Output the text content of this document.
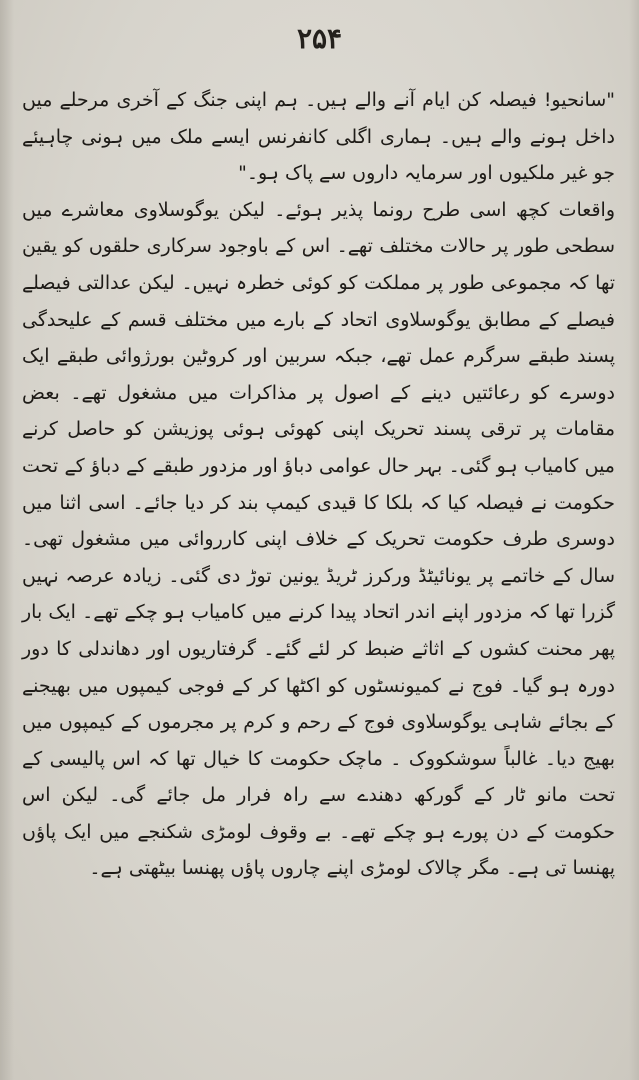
۲۵۴

"سانحیو! فیصلہ کن ایام آنے والے ہیں۔ ہم اپنی جنگ کے آخری مرحلے میں داخل ہونے والے ہیں۔ ہماری اگلی کانفرنس ایسے ملک میں ہونی چاہیئے جو غیر ملکیوں اور سرمایہ داروں سے پاک ہو۔"

واقعات کچھ اسی طرح رونما پذیر ہوئے۔ لیکن یوگوسلاوی معاشرے میں سطحی طور پر حالات مختلف تھے۔ اس کے باوجود سرکاری حلقوں کو یقین تھا کہ مجموعی طور پر مملکت کو کوئی خطرہ نہیں۔ لیکن عدالتی فیصلے فیصلے کے مطابق یوگوسلاوی اتحاد کے بارے میں مختلف قسم کے علیحدگی پسند طبقے سرگرم عمل تھے، جبکہ سربین اور کروٹین بورژوائی طبقے ایک دوسرے کو رعائتیں دینے کے اصول پر مذاکرات میں مشغول تھے۔ بعض مقامات پر ترقی پسند تحریک اپنی کھوئی ہوئی پوزیشن کو حاصل کرنے میں کامیاب ہو گئی۔ بہر حال عوامی دباؤ اور مزدور طبقے کے دباؤ کے تحت حکومت نے فیصلہ کیا کہ بلکا کا قیدی کیمپ بند کر دیا جائے۔ اسی اثنا میں دوسری طرف حکومت تحریک کے خلاف اپنی کارروائی میں مشغول تھی۔ سال کے خاتمے پر یونائیٹڈ ورکرز ٹریڈ یونین توڑ دی گئی۔ زیادہ عرصہ نہیں گزرا تھا کہ مزدور اپنے اندر اتحاد پیدا کرنے میں کامیاب ہو چکے تھے۔ ایک بار پھر محنت کشوں کے اثاثے ضبط کر لئے گئے۔ گرفتاریوں اور دھاندلی کا دور دورہ ہو گیا۔ فوج نے کمیونسٹوں کو اکٹھا کر کے فوجی کیمپوں میں بھیجنے کے بجائے شاہی یوگوسلاوی فوج کے رحم و کرم پر مجرموں کے کیمپوں میں بھیج دیا۔ غالباً سوشکووک ۔ ماچک حکومت کا خیال تھا کہ اس پالیسی کے تحت مانو ٹار کے گورکھ دھندے سے راہ فرار مل جائے گی۔ لیکن اس حکومت کے دن پورے ہو چکے تھے۔ بے وقوف لومڑی شکنجے میں ایک پاؤں پھنسا تی ہے۔ مگر چالاک لومڑی اپنے چاروں پاؤں پھنسا بیٹھتی ہے۔
